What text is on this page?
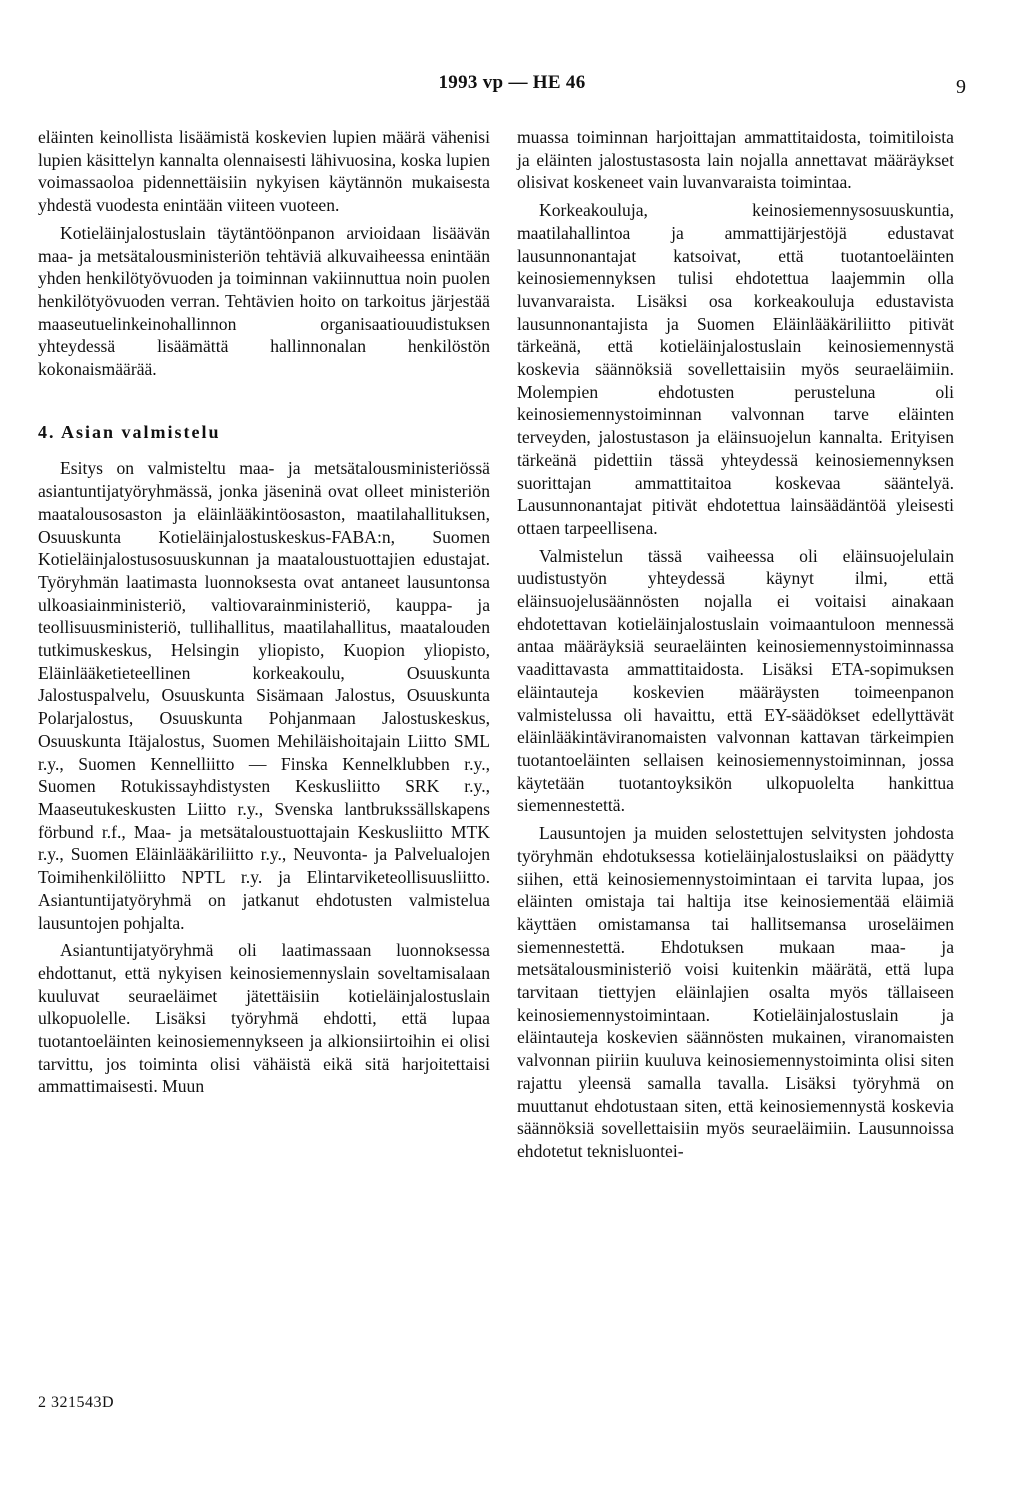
1993 vp — HE 46	9

eläinten keinollista lisäämistä koskevien lupien määrä vähenisi lupien käsittelyn kannalta olennaisesti lähivuosina, koska lupien voimassaoloa pidennettäisiin nykyisen käytännön mukaisesta yhdestä vuodesta enintään viiteen vuoteen.

Kotieläinjalostuslain täytäntöönpanon arvioidaan lisäävän maa- ja metsätalousministeriön tehtäviä alkuvaiheessa enintään yhden henkilötyövuoden ja toiminnan vakiinnuttua noin puolen henkilötyövuoden verran. Tehtävien hoito on tarkoitus järjestää maaseutuelinkeinohallinnon organisaatiouudistuksen yhteydessä lisäämättä hallinnonalan henkilöstön kokonaismäärää.

4. Asian valmistelu

Esitys on valmisteltu maa- ja metsätalousministeriössä asiantuntijatyöryhmässä, jonka jäseninä ovat olleet ministeriön maatalousosaston ja eläinlääkintöosaston, maatilahallituksen, Osuuskunta Kotieläinjalostuskeskus-FABA:n, Suomen Kotieläinjalostusosuuskunnan ja maataloustuottajien edustajat. Työryhmän laatimasta luonnoksesta ovat antaneet lausuntonsa ulkoasiainministeriö, valtiovarainministeriö, kauppa- ja teollisuusministeriö, tullihallitus, maatilahallitus, maatalouden tutkimuskeskus, Helsingin yliopisto, Kuopion yliopisto, Eläinlääketieteellinen korkeakoulu, Osuuskunta Jalostuspalvelu, Osuuskunta Sisämaan Jalostus, Osuuskunta Polarjalostus, Osuuskunta Pohjanmaan Jalostuskeskus, Osuuskunta Itäjalostus, Suomen Mehiläishoitajain Liitto SML r.y., Suomen Kennelliitto — Finska Kennelklubben r.y., Suomen Rotukissayhdistysten Keskusliitto SRK r.y., Maaseutukeskusten Liitto r.y., Svenska lantbrukssällskapens förbund r.f., Maa- ja metsätaloustuottajain Keskusliitto MTK r.y., Suomen Eläinlääkäriliitto r.y., Neuvonta- ja Palvelualojen Toimihenkilöliitto NPTL r.y. ja Elintarviketeollisuusliitto. Asiantuntijatyöryhmä on jatkanut ehdotusten valmistelua lausuntojen pohjalta.

Asiantuntijatyöryhmä oli laatimassaan luonnoksessa ehdottanut, että nykyisen keinosiemennyslain soveltamisalaan kuuluvat seuraeläimet jätettäisiin kotieläinjalostuslain ulkopuolelle. Lisäksi työryhmä ehdotti, että lupaa tuotantoeläinten keinosiemennykseen ja alkionsiirtoihin ei olisi tarvittu, jos toiminta olisi vähäistä eikä sitä harjoitettaisi ammattimaisesti. Muun

muassa toiminnan harjoittajan ammattitaidosta, toimitiloista ja eläinten jalostustasosta lain nojalla annettavat määräykset olisivat koskeneet vain luvanvaraista toimintaa.

Korkeakouluja, keinosiemennysosuuskuntia, maatilahallintoa ja ammattijärjestöjä edustavat lausunnonantajat katsoivat, että tuotantoeläinten keinosiemennyksen tulisi ehdotettua laajemmin olla luvanvaraista. Lisäksi osa korkeakouluja edustavista lausunnonantajista ja Suomen Eläinlääkäriliitto pitivät tärkeänä, että kotieläinjalostuslain keinosiemennystä koskevia säännöksiä sovellettaisiin myös seuraeläimiin. Molempien ehdotusten perusteluna oli keinosiemennystoiminnan valvonnan tarve eläinten terveyden, jalostustason ja eläinsuojelun kannalta. Erityisen tärkeänä pidettiin tässä yhteydessä keinosiemennyksen suorittajan ammattitaitoa koskevaa sääntelyä. Lausunnonantajat pitivät ehdotettua lainsäädäntöä yleisesti ottaen tarpeellisena.

Valmistelun tässä vaiheessa oli eläinsuojelulain uudistustyön yhteydessä käynyt ilmi, että eläinsuojelusäännösten nojalla ei voitaisi ainakaan ehdotettavan kotieläinjalostuslain voimaantuloon mennessä antaa määräyksiä seuraeläinten keinosiemennystoiminnassa vaadittavasta ammattitaidosta. Lisäksi ETA-sopimuksen eläintauteja koskevien määräysten toimeenpanon valmistelussa oli havaittu, että EY-säädökset edellyttävät eläinlääkintäviranomaisten valvonnan kattavan tärkeimpien tuotantoeläinten sellaisen keinosiemennystoiminnan, jossa käytetään tuotantoyksikön ulkopuolelta hankittua siemennestettä.

Lausuntojen ja muiden selostettujen selvitysten johdosta työryhmän ehdotuksessa kotieläinjalostuslaiksi on päädytty siihen, että keinosiemennystoimintaan ei tarvita lupaa, jos eläinten omistaja tai haltija itse keinosiementää eläimiä käyttäen omistamansa tai hallitsemansa uroseläimen siemennestettä. Ehdotuksen mukaan maa- ja metsätalousministeriö voisi kuitenkin määrätä, että lupa tarvitaan tiettyjen eläinlajien osalta myös tällaiseen keinosiemennystoimintaan. Kotieläinjalostuslain ja eläintauteja koskevien säännösten mukainen, viranomaisten valvonnan piiriin kuuluva keinosiemennystoiminta olisi siten rajattu yleensä samalla tavalla. Lisäksi työryhmä on muuttanut ehdotustaan siten, että keinosiemennystä koskevia säännöksiä sovellettaisiin myös seuraeläimiin. Lausunnoissa ehdotetut teknisluontei-

2 321543D
